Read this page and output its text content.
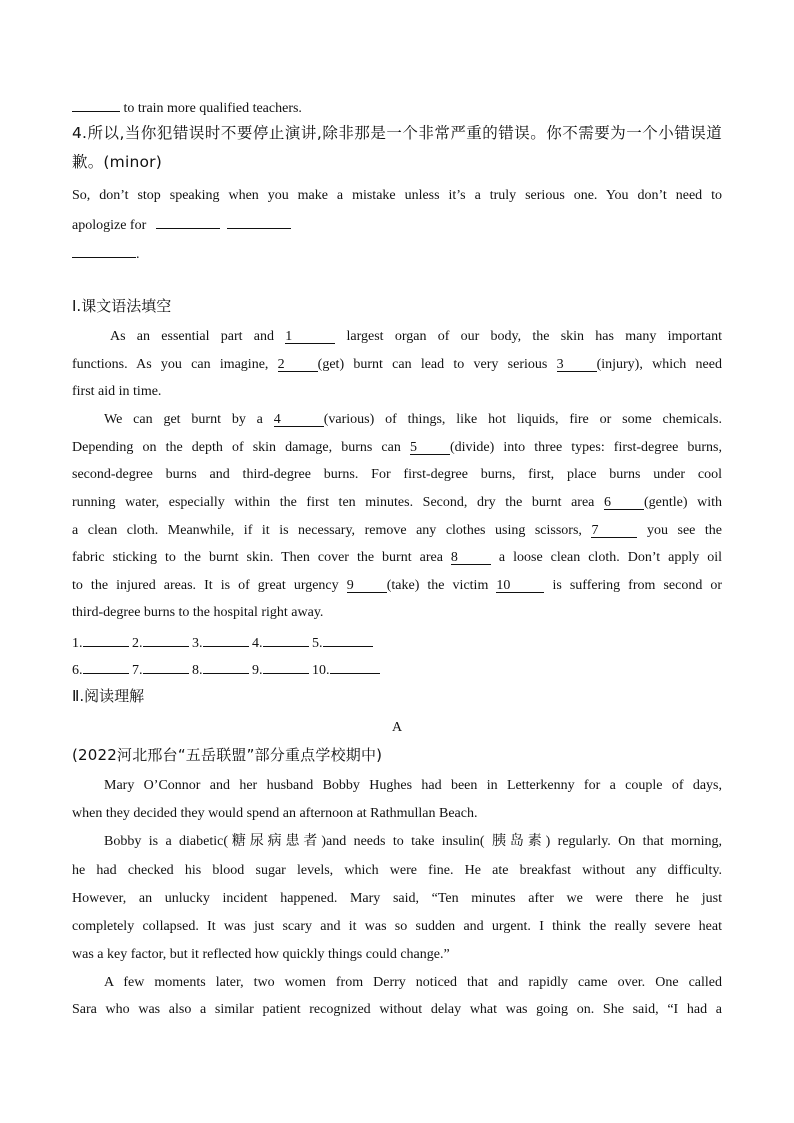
to train more qualified teachers.
4.所以,当你犯错误时不要停止演讲,除非那是一个非常严重的错误。你不需要为一个小错误道
歉。(minor)
So, don’t stop speaking when you make a mistake unless it’s a truly serious one. You don’t need to
apologize for
.
Ⅰ.课文语法填空
As an essential part and 1	largest organ of our body, the skin has many important
functions. As you can imagine, 2 (get) burnt can lead to very serious 3 (injury), which need
first aid in time.
We can get burnt by a 4	(various) of things, like hot liquids, fire or some chemicals.
Depending on the depth of skin damage, burns can 5 (divide) into three types: first-degree burns,
second-degree burns and third-degree burns. For first-degree burns, first, place burns under cool
running water, especially within the first ten minutes. Second, dry the burnt area 6 (gentle) with
a clean cloth. Meanwhile, if it is necessary, remove any clothes using scissors, 7	you see the
fabric sticking to the burnt skin. Then cover the burnt area 8	a loose clean cloth. Don’t apply oil
to the injured areas. It is of great urgency 9 (take) the victim 10	is suffering from second or
third-degree burns to the hospital right away.
1.	2.	3.	4.	5.
6.	7.	8.	9.	10.
Ⅱ.阅读理解
A
(2022河北邢台“五岳联盟”部分重点学校期中)
Mary O’Connor and her husband Bobby Hughes had been in Letterkenny for a couple of days,
when they decided they would spend an afternoon at Rathmullan Beach.
Bobby is a diabetic(糖尿病患者)and needs to take insulin( 胰岛素) regularly. On that morning,
he had checked his blood sugar levels, which were fine. He ate breakfast without any difficulty.
However, an unlucky incident happened. Mary said, “Ten minutes after we were there he just
completely collapsed. It was just scary and it was so sudden and urgent. I think the really severe heat
was a key factor, but it reflected how quickly things could change.”
A few moments later, two women from Derry noticed that and rapidly came over. One called
Sara who was also a similar patient recognized without delay what was going on. She said, “I had a
